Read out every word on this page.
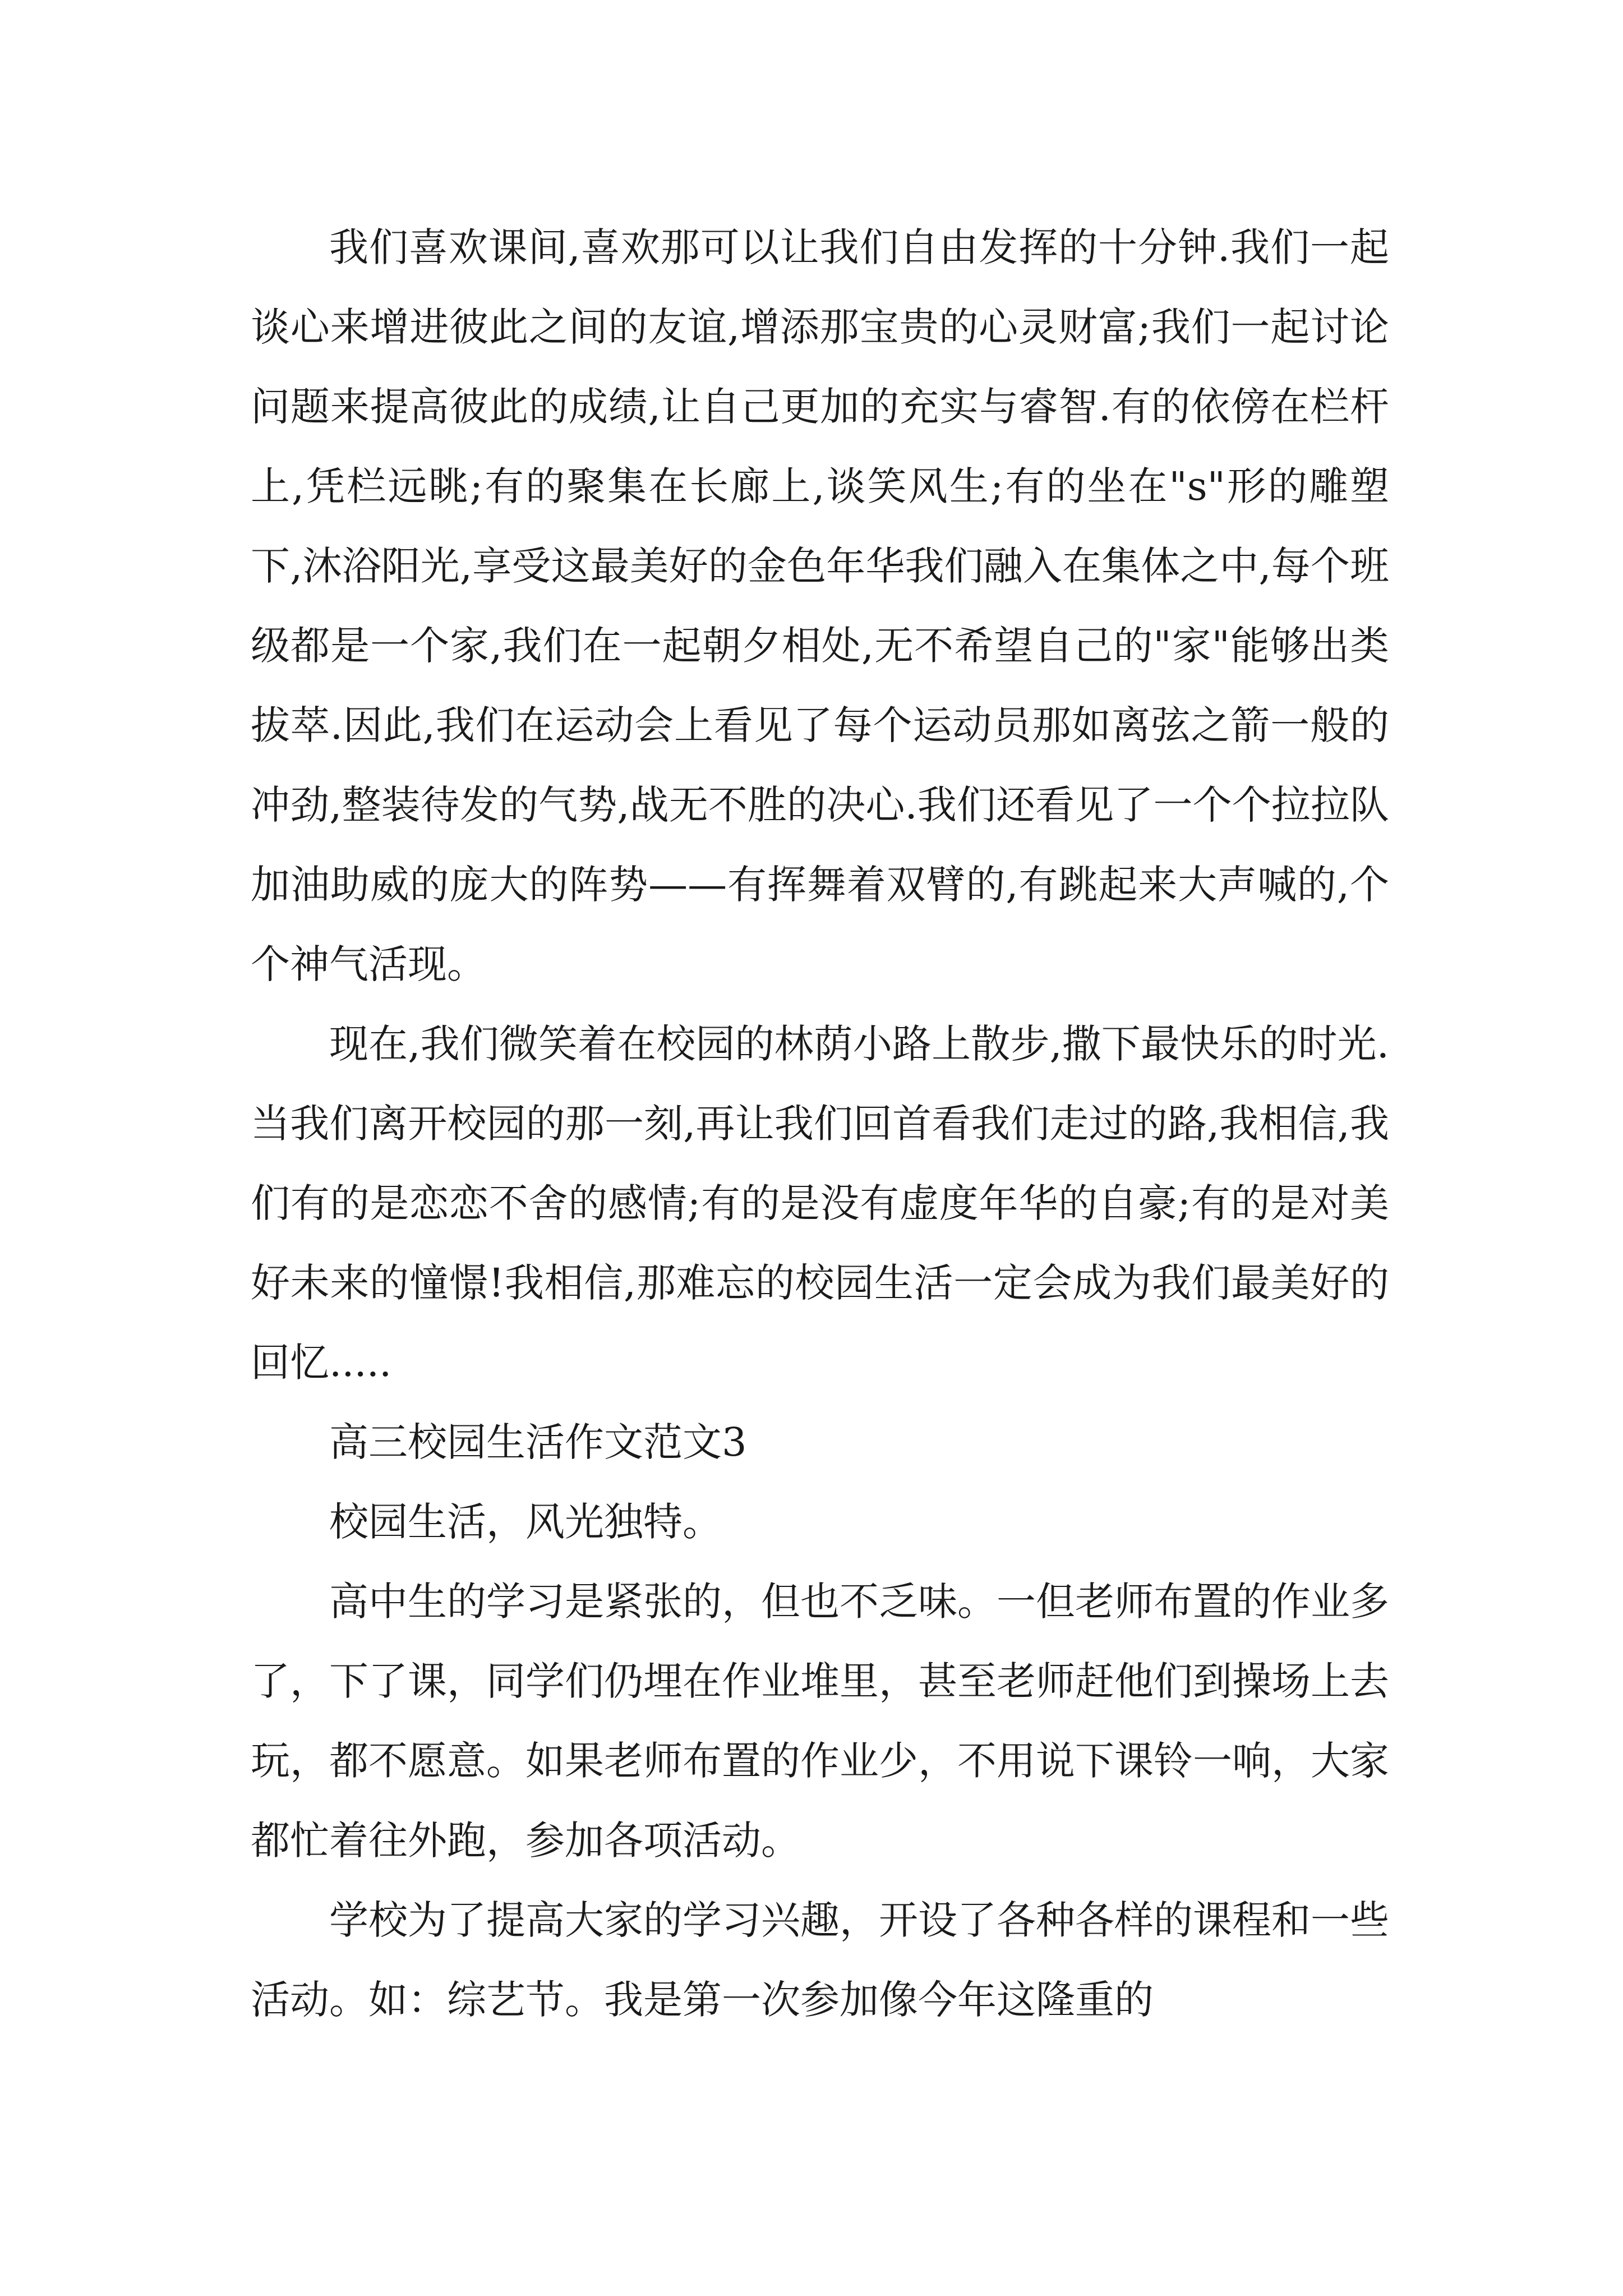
我们喜欢课间,喜欢那可以让我们自由发挥的十分钟.我们一起谈心来增进彼此之间的友谊,增添那宝贵的心灵财富;我们一起讨论问题来提高彼此的成绩,让自己更加的充实与睿智.有的依傍在栏杆上,凭栏远眺;有的聚集在长廊上,谈笑风生;有的坐在"s"形的雕塑下,沐浴阳光,享受这最美好的金色年华我们融入在集体之中,每个班级都是一个家,我们在一起朝夕相处,无不希望自己的"家"能够出类拔萃.因此,我们在运动会上看见了每个运动员那如离弦之箭一般的冲劲,整装待发的气势,战无不胜的决心.我们还看见了一个个拉拉队加油助威的庞大的阵势——有挥舞着双臂的,有跳起来大声喊的,个个神气活现。

现在,我们微笑着在校园的林荫小路上散步,撒下最快乐的时光.当我们离开校园的那一刻,再让我们回首看我们走过的路,我相信,我们有的是恋恋不舍的感情;有的是没有虚度年华的自豪;有的是对美好未来的憧憬!我相信,那难忘的校园生活一定会成为我们最美好的回忆.....

高三校园生活作文范文3

校园生活，风光独特。

高中生的学习是紧张的，但也不乏味。一但老师布置的作业多了，下了课，同学们仍埋在作业堆里，甚至老师赶他们到操场上去玩，都不愿意。如果老师布置的作业少，不用说下课铃一响，大家都忙着往外跑，参加各项活动。

学校为了提高大家的学习兴趣，开设了各种各样的课程和一些活动。如：综艺节。我是第一次参加像今年这隆重的
